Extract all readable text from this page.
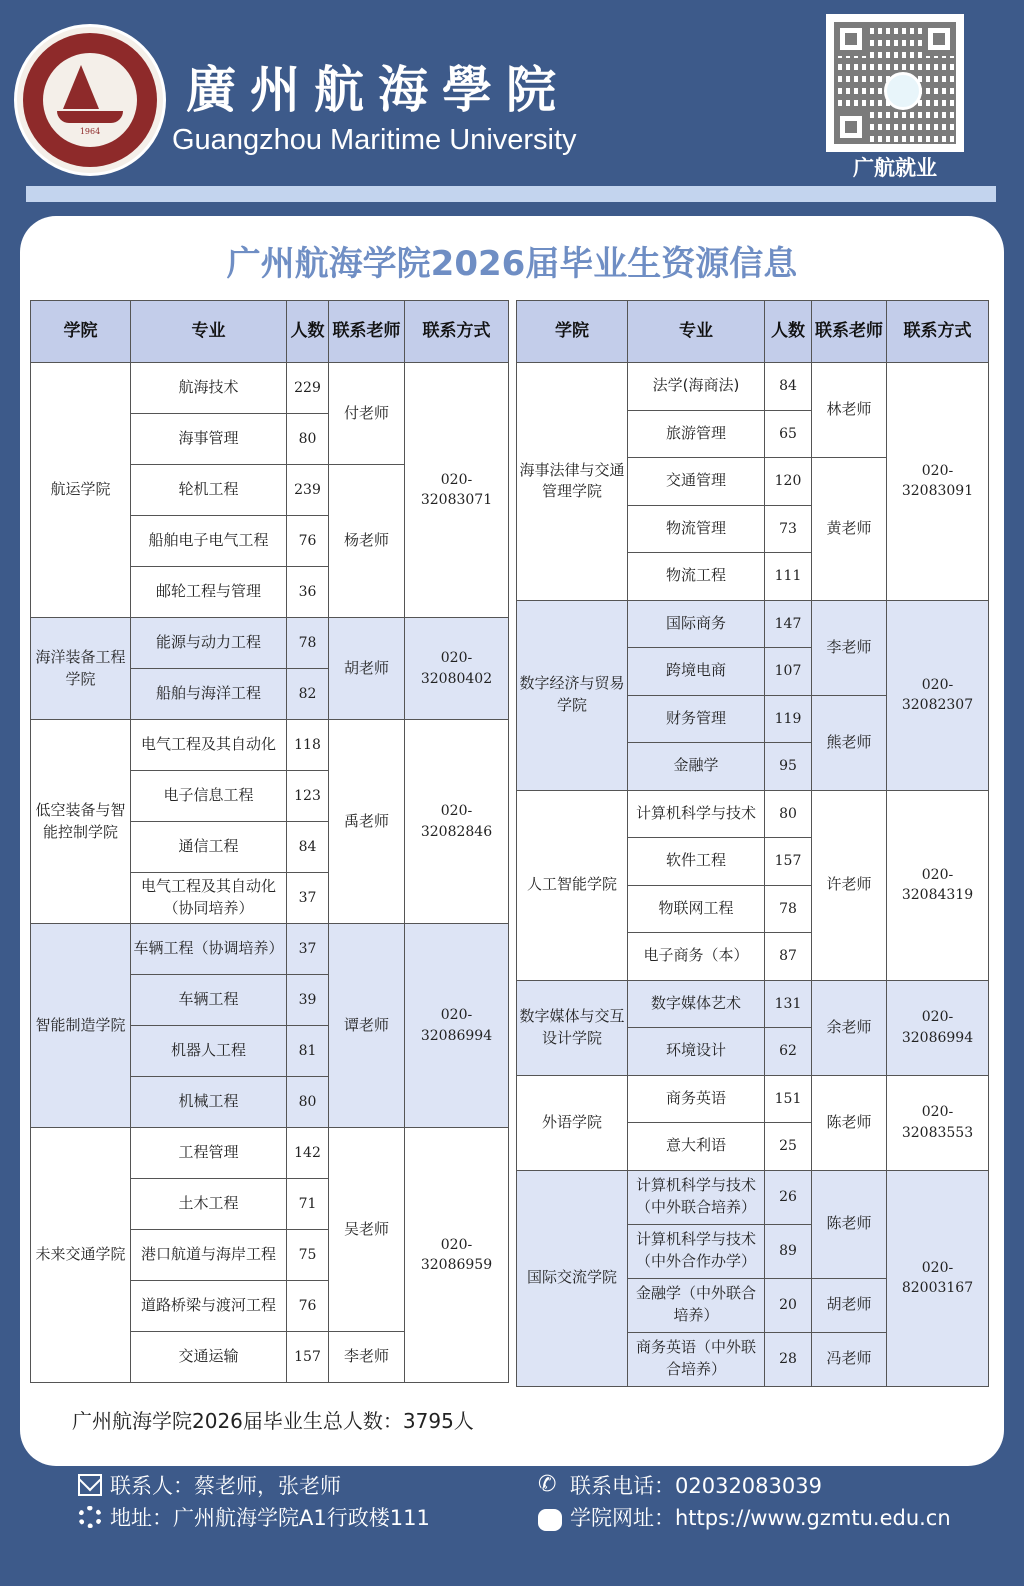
1964
廣州航海學院
Guangzhou Maritime University
广航就业
广州航海学院2026届毕业生资源信息
学院	专业	人数	联系老师	联系方式
航运学院	航海技术	229	付老师	020-32083071
	海事管理	80		
	轮机工程	239	杨老师	
	船舶电子电气工程	76		
	邮轮工程与管理	36		
海洋装备工程学院	能源与动力工程	78	胡老师	020-32080402
	船舶与海洋工程	82		
低空装备与智能控制学院	电气工程及其自动化	118	禹老师	020-32082846
	电子信息工程	123		
	通信工程	84		
	电气工程及其自动化（协同培养）	37		
智能制造学院	车辆工程（协调培养）	37	谭老师	020-32086994
	车辆工程	39		
	机器人工程	81		
	机械工程	80		
未来交通学院	工程管理	142	吴老师	020-32086959
	土木工程	71		
	港口航道与海岸工程	75		
	道路桥梁与渡河工程	76		
	交通运输	157	李老师	
学院	专业	人数	联系老师	联系方式
海事法律与交通管理学院	法学(海商法)	84	林老师	020-32083091
	旅游管理	65		
	交通管理	120	黄老师	
	物流管理	73		
	物流工程	111		
数字经济与贸易学院	国际商务	147	李老师	020-32082307
	跨境电商	107		
	财务管理	119	熊老师	
	金融学	95		
人工智能学院	计算机科学与技术	80	许老师	020-32084319
	软件工程	157		
	物联网工程	78		
	电子商务（本）	87		
数字媒体与交互设计学院	数字媒体艺术	131	余老师	020-32086994
	环境设计	62		
外语学院	商务英语	151	陈老师	020-32083553
	意大利语	25		
国际交流学院	计算机科学与技术（中外联合培养）	26	陈老师	020-82003167
	计算机科学与技术（中外合作办学）	89		
	金融学（中外联合培养）	20	胡老师	
	商务英语（中外联合培养）	28	冯老师	
广州航海学院2026届毕业生总人数：3795人
联系人：蔡老师，张老师	✆ 联系电话：02032083039
地址：广州航海学院A1行政楼111	学院网址：https://www.gzmtu.edu.cn
